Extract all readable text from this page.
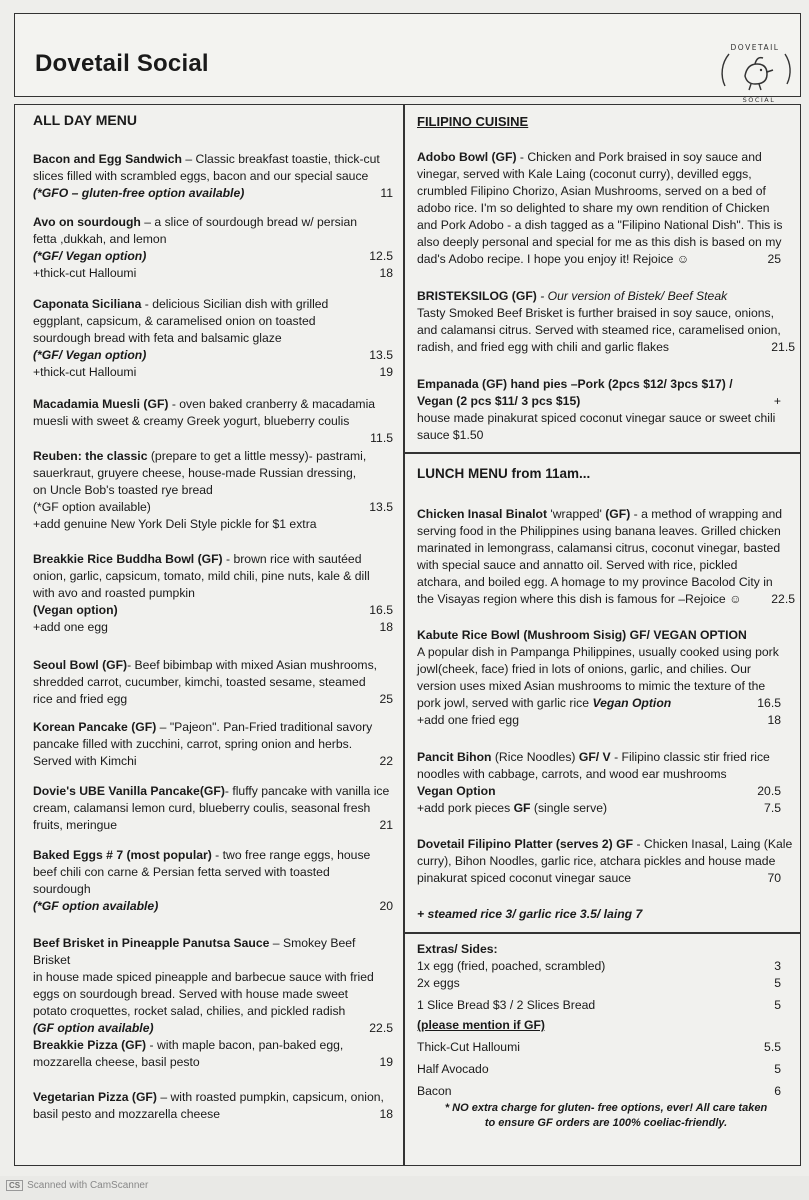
Dovetail Social
DOVETAIL
SOCIAL
ALL DAY MENU
Bacon and Egg Sandwich – Classic breakfast toastie, thick-cut
slices filled with scrambled eggs, bacon and our special sauce
(*GFO – gluten-free option available)	11
Avo on sourdough – a slice of sourdough bread w/ persian
fetta ,dukkah, and lemon
(*GF/ Vegan option)	12.5
+thick-cut Halloumi	18
Caponata Siciliana - delicious Sicilian dish with grilled
eggplant, capsicum, & caramelised onion on toasted
sourdough bread with feta and balsamic glaze
(*GF/ Vegan option)	13.5
+thick-cut Halloumi	19
Macadamia Muesli (GF) - oven baked cranberry & macadamia
muesli with sweet & creamy Greek yogurt, blueberry coulis
11.5
Reuben: the classic (prepare to get a little messy)- pastrami,
sauerkraut, gruyere cheese, house-made Russian dressing,
on Uncle Bob's toasted rye bread
(*GF option available)	13.5
+add genuine New York Deli Style pickle for $1 extra
Breakkie Rice Buddha Bowl (GF) - brown rice with sautéed
onion, garlic, capsicum, tomato, mild chili, pine nuts, kale & dill
with avo and roasted pumpkin
(Vegan option)	16.5
+add one egg	18
Seoul Bowl (GF)- Beef bibimbap with mixed Asian mushrooms,
shredded carrot, cucumber, kimchi, toasted sesame, steamed
rice and fried egg	25
Korean Pancake (GF) – "Pajeon". Pan-Fried traditional savory
pancake filled with zucchini, carrot, spring onion and herbs.
Served with Kimchi	22
Dovie's UBE Vanilla Pancake(GF)- fluffy pancake with vanilla ice
cream, calamansi lemon curd, blueberry coulis, seasonal fresh
fruits, meringue	21
Baked Eggs # 7 (most popular) - two free range eggs, house
beef chili con carne & Persian fetta served with toasted
sourdough
(*GF option available)	20
Beef Brisket in Pineapple Panutsa Sauce – Smokey Beef Brisket
in house made spiced pineapple and barbecue sauce with fried
eggs on sourdough bread. Served with house made sweet
potato croquettes, rocket salad, chilies, and pickled radish
(GF option available)	22.5
Breakkie Pizza (GF) - with maple bacon, pan-baked egg,
mozzarella cheese, basil pesto	19
Vegetarian Pizza (GF) – with roasted pumpkin, capsicum, onion,
basil pesto and mozzarella cheese	18
FILIPINO CUISINE
Adobo Bowl (GF) - Chicken and Pork braised in soy sauce and
vinegar, served with Kale Laing (coconut curry), devilled eggs,
crumbled Filipino Chorizo, Asian Mushrooms, served on a bed of
adobo rice. I'm so delighted to share my own rendition of Chicken
and Pork Adobo - a dish tagged as a "Filipino National Dish". This is
also deeply personal and special for me as this dish is based on my
dad's Adobo recipe. I hope you enjoy it! Rejoice ☺	25
BRISTEKSILOG (GF) - Our version of Bistek/ Beef Steak
Tasty Smoked Beef Brisket is further braised in soy sauce, onions,
and calamansi citrus. Served with steamed rice, caramelised onion,
radish, and fried egg with chili and garlic flakes	21.5
Empanada (GF) hand pies –Pork (2pcs $12/ 3pcs $17) /
Vegan (2 pcs $11/ 3 pcs $15)	+
house made pinakurat spiced coconut vinegar sauce or sweet chili
sauce $1.50
LUNCH MENU from 11am...
Chicken Inasal Binalot 'wrapped' (GF) - a method of wrapping and
serving food in the Philippines using banana leaves. Grilled chicken
marinated in lemongrass, calamansi citrus, coconut vinegar, basted
with special sauce and annatto oil. Served with rice, pickled
atchara, and boiled egg. A homage to my province Bacolod City in
the Visayas region where this dish is famous for –Rejoice ☺	22.5
Kabute Rice Bowl (Mushroom Sisig) GF/ VEGAN OPTION
A popular dish in Pampanga Philippines, usually cooked using pork
jowl(cheek, face) fried in lots of onions, garlic, and chilies. Our
version uses mixed Asian mushrooms to mimic the texture of the
pork jowl, served with garlic rice Vegan Option	16.5
+add one fried egg	18
Pancit Bihon (Rice Noodles) GF/ V - Filipino classic stir fried rice
noodles with cabbage, carrots, and wood ear mushrooms
Vegan Option	20.5
+add pork pieces GF (single serve)	7.5
Dovetail Filipino Platter (serves 2) GF - Chicken Inasal, Laing (Kale
curry), Bihon Noodles, garlic rice, atchara pickles and house made
pinakurat spiced coconut vinegar sauce	70
+ steamed rice 3/ garlic rice 3.5/ laing 7
Extras/ Sides:
1x egg (fried, poached, scrambled)	3
2x eggs	5
1 Slice Bread $3 / 2 Slices Bread	5
(please mention if GF)
Thick-Cut Halloumi	5.5
Half Avocado	5
Bacon	6
* NO extra charge for gluten- free options, ever! All care taken
to ensure GF orders are 100% coeliac-friendly.
CS Scanned with CamScanner
